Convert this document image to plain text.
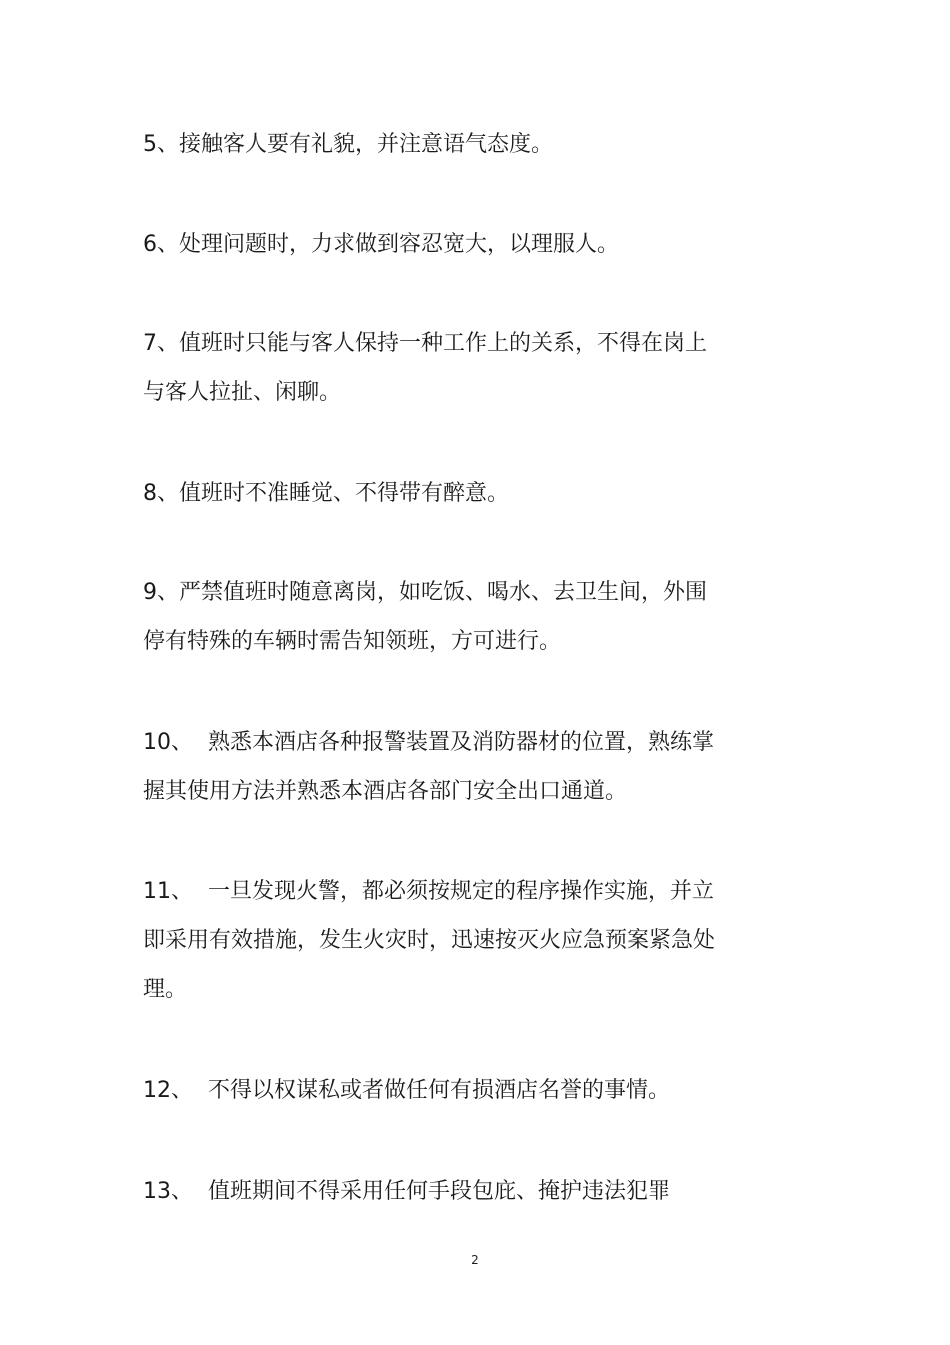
5、接触客人要有礼貌，并注意语气态度。
6、处理问题时，力求做到容忍宽大，以理服人。
7、值班时只能与客人保持一种工作上的关系，不得在岗上
与客人拉扯、闲聊。
8、值班时不准睡觉、不得带有醉意。
9、严禁值班时随意离岗，如吃饭、喝水、去卫生间，外围
停有特殊的车辆时需告知领班，方可进行。
10、 熟悉本酒店各种报警装置及消防器材的位置，熟练掌
握其使用方法并熟悉本酒店各部门安全出口通道。
11、 一旦发现火警，都必须按规定的程序操作实施，并立
即采用有效措施，发生火灾时，迅速按灭火应急预案紧急处
理。
12、 不得以权谋私或者做任何有损酒店名誉的事情。
13、 值班期间不得采用任何手段包庇、掩护违法犯罪
2
